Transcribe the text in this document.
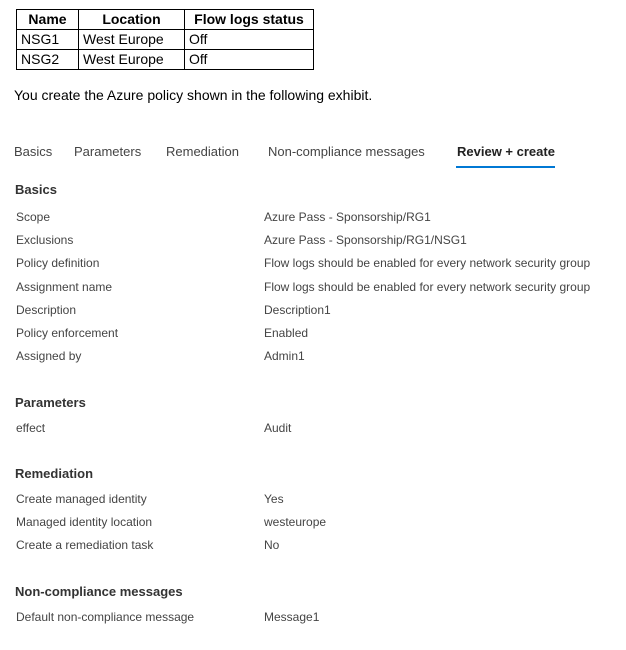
Name	Location	Flow logs status
NSG1	West Europe	Off
NSG2	West Europe	Off
You create the Azure policy shown in the following exhibit.
Basics Parameters Remediation Non-compliance messages Review + create
Basics
Scope	Azure Pass - Sponsorship/RG1
Exclusions	Azure Pass - Sponsorship/RG1/NSG1
Policy definition	Flow logs should be enabled for every network security group
Assignment name	Flow logs should be enabled for every network security group
Description	Description1
Policy enforcement	Enabled
Assigned by	Admin1
Parameters
effect	Audit
Remediation
Create managed identity	Yes
Managed identity location	westeurope
Create a remediation task	No
Non-compliance messages
Default non-compliance message	Message1
